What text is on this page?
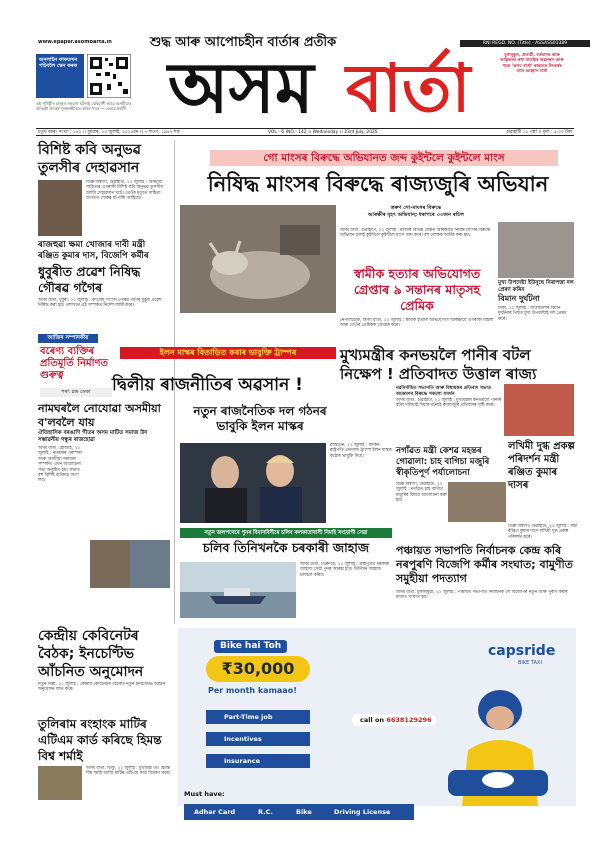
www.epaper.asombarta.in	শুদ্ধ আৰু আপোচহীন বাৰ্তাৰ প্ৰতীক	RNI REGD. NO. (Title) - ASSASS01389
অনলাইন কাকতখন পঢ়িবলৈ স্কেন কৰক
এই পৃথিৱীৰ মানুহৰ সকলো ঘটনাই বেহিচাপী ভাবে অসমীয়াৰ প্ৰতিটো উৎকৰ্ষ পুনৰুজ্জীৱিত কৰিব পাৰে — একাত্ৰ ইশ্বাৰী অসম বাৰ্তা	যুগানুকূল, প্ৰত্যয়ী, বৰ্তমানৰ আৰু ভাৱিষতৰ কথা বাতৰিৰ অৱলম্বন আৰু পঢ়ক 'অসম বাৰ্তা' কাকতত উৎকৰ্ষৰ বাবে আহ্বান বাৰ্তা
চতুৰ্থ বছৰ। সংখ্যা : ১৪২ ।। বুধবাৰ, ২৩ জুলাই, ২০২৫চন ।। ৭ শাওণ, ১৯৪৭ শক	VOL - 6 ।NO - 142 ।। Wednesday ।। 23rd July, 2025	গুৱাহাটী ১২ পৃষ্ঠা ।। মূল্য : ৫.০০ টকা
বিশিষ্ট কবি অনুভৱ তুলসীৰ দেহাৱসান
ডিব্ৰু বিশ্বাসী, গুৱাহাটী, ২২ জুলাই : অসমীয়া সাহিত্যৰ এগৰাকী বিশিষ্ট কবি অনুভৱ তুলসীৰ আজি দেহাৱসান ঘটে। তেওঁৰ মৃত্যুত সাহিত্য জগতত শোকৰ ছাঁ নামি আহিছে।
ৰাজহুৱা ক্ষমা খোজাৰ দাবী মন্ত্ৰী ৰঞ্জিত কুমাৰ দাস, বিজেপি কৰ্মীৰ
ধুবুৰীত প্ৰৱেশ নিষিদ্ধ গৌৰৱ গগৈৰ
অসম বাৰ্তা, ধুবুৰী, ২২ জুলাই : কংগ্ৰেছ সাংসদ গৌৰৱ গগৈৰ ধুবুৰী প্ৰৱেশ নিষিদ্ধ কৰা হয়। প্ৰশাসনে এই সম্পৰ্কত নিৰ্দেশ জাৰি কৰে।
আজিৰ সম্পাদকীয়
বৰেণ্য ব্যক্তিৰ প্ৰতিমূৰ্তি নিৰ্মাণত গুৰুত্ব
শৰৎ চন্দ্ৰ ডেকা
নামঘৰলৈ নোযোৱা অসমীয়া ব'লবলৈ যায়
ঐতিহাসিক বৰঙাণি গীতৰ অসম মাটিত সমাজ উদ সম্ভাৱনীয় গন্ধুৰ ৰাজহোৱা
অসম বাৰ্তা, হোজাই, ২২ জুলাই : নামঘৰৰ পৰম্পৰা আৰু অসমীয়া সমাজৰ সম্পৰ্কত এখন আলোচনা সভা অনুষ্ঠিত হয়। সভাত বহু বিশিষ্ট ব্যক্তিয়ে অংশ লয়।
কেন্দ্ৰীয় কেবিনেটৰ বৈঠক; ইনচেণ্টিভ আঁচনিত অনুমোদন
নতুন দিল্লী, ২২ জুলাই : কেন্দ্ৰীয় কেবিনেটৰ বৈঠকত নতুন ইনচেণ্টিভ আঁচনি অনুমোদন লাভ কৰে।
তুলিৰাম ৰংহাংক মাটিৰ এটিএম কাৰ্ড কৰিছে হিমন্ত বিশ্ব শৰ্মাই
অসম বাৰ্তা, ডিফু, ২২ জুলাই : মুখ্যমন্ত্ৰী ড০ হিমন্ত বিশ্ব শৰ্মাই আজি মাটিৰ এটিএম কাৰ্ড বিতৰণ কৰে।
গো মাংসৰ বিৰুদ্ধে অভিযানত জব্দ কুইন্টলে কুইন্টলে মাংস
নিষিদ্ধ মাংসৰ বিৰুদ্ধে ৰাজ্যজুৰি অভিযান
তৰুণ সো-মাংসৰ বিৰুদ্ধে
আৰক্ষীৰ বৃহৎ অভিযান; ধৰাপৰে ৩৩জন ৰচিল
অসম বাৰ্তা, গুৱাহাটী, ২২ জুলাই : ৰাজ্যৰ বিভিন্ন প্ৰান্তত আৰক্ষীয়ে নিষিদ্ধ মাংসৰ বিৰুদ্ধে অভিযান চলাই কুইন্টলে কুইন্টলে মাংস জব্দ কৰে। বহু লোকক আটক কৰা হয়।
মুখ্য উপদেষ্টা ইউনুছে নিৰাপত্তা দল প্ৰেৰণ কৰিব
বিমান দুৰ্ঘটনা
ঢাকা, ২২ জুলাই : বাংলাদেশৰ বিমান দুৰ্ঘটনাৰ পিছত মুখ্য উপদেষ্টাই দল প্ৰেৰণ কৰে।
স্বামীক হত্যাৰ অভিযোগত গ্ৰেপ্তাৰ ৯ সন্তানৰ মাতৃসহ প্ৰেমিক
নেপালচৌক, অসম বাৰ্তা, ২২ জুলাই : স্বামীক হত্যাৰ অভিযোগত আৰক্ষীয়ে এগৰাকী মহিলা আৰু তেওঁৰ প্ৰেমিকক গ্ৰেপ্তাৰ কৰে।
ইলন মাস্কৰ বিতাড়িত কৰাৰ ভাবুক্তি ট্ৰাম্পৰ
দ্বিলীয় ৰাজনীতিৰ অৱসান !
নতুন ৰাজনৈতিক দল গঠনৰ ভাবুকি ইলন মাস্কৰ
ৱাশ্বিংটন, ২২ জুলাই : মাৰ্কিন ৰাষ্ট্ৰপতি ডোনাল্ড ট্ৰাম্পে ইলন মাস্কক কঠোৰ ভাবুকি দিয়ে।
নতুন জলপথেৰে পুনৰ বিমানবিনীৰে চলিব কলকাতাবাসী নিমাই সংযোগী সেৱা
চলিব তিনিখনকৈ চৰকাৰী জাহাজ
অসম বাৰ্তা, ডিব্ৰুগড়, ২২ জুলাই : ব্ৰহ্মপুত্ৰত চৰকাৰী জাহাজ সেৱা পুনৰ আৰম্ভ হ'ব। তিনিখন জাহাজ চলাচল কৰিব।
মুখ্যমন্ত্ৰীৰ কনভয়লৈ পানীৰ বটল নিক্ষেপ ! প্ৰতিবাদত উত্তাল ৰাজ্য
নৱনিৰ্বাচিত সভাপতি আৰু বিধায়কৰ প্ৰতিবাদ সভাত আক্ৰমণৰ বিৰুদ্ধে সকলো সমৰ্থন
অসম বাৰ্তা, গুৱাহাটী, ২২ জুলাই : মুখ্যমন্ত্ৰীৰ কনভয়লৈ পানীৰ বটল দলিয়াই দিয়াৰ ঘটনাই ৰাজ্যজুৰি প্ৰতিবাদৰ সৃষ্টি কৰে।
নগাঁৱত মন্ত্ৰী কেশৱ মহন্তৰ গোৱালা: চাহ বাগিচা মজুৰি স্বীকৃতিপূৰ্ণ পৰ্যালোচনা
ডিব্ৰু বিশ্বাসী, গুৱাহাটী, ২২ জুলাই : নগাঁৱত চাহ বাগিচা মজুৰিৰ বিষয়ে আলোচনা কৰা হয়।
লখিমী দুগ্ধ প্ৰকল্প পৰিদৰ্শন মন্ত্ৰী ৰঞ্জিত কুমাৰ দাসৰ
ডিব্ৰু বিশ্বাসী, গুৱাহাটী, ২২ জুলাই : মন্ত্ৰী ৰঞ্জিত কুমাৰ দাসে লখিমী দুগ্ধ প্ৰকল্প পৰিদৰ্শন কৰে।
পঞ্চায়ত সভাপতি নিৰ্বাচনক কেন্দ্ৰ কৰি নৰপুৰণি বিজেপি কৰ্মীৰ সংঘাত; বামুণীত সমুহীয়া পদত্যাগ
অসম বাৰ্তা, মুকালমুৱা, ২২ জুলাই : পঞ্চায়ত সভাপতি নিৰ্বাচনক লৈ বিজেপিৰ নতুন আৰু পুৰণি কৰ্মীৰ মাজত সংঘাত হয়।
Bike hai Toh
₹30,000
Per month kamaao!
Part-Time job
Incentives
Insurance
call on 6638129296
capsride
BIKE TAXI
Must have:
Adhar Card	R.C.	Bike	Driving License
